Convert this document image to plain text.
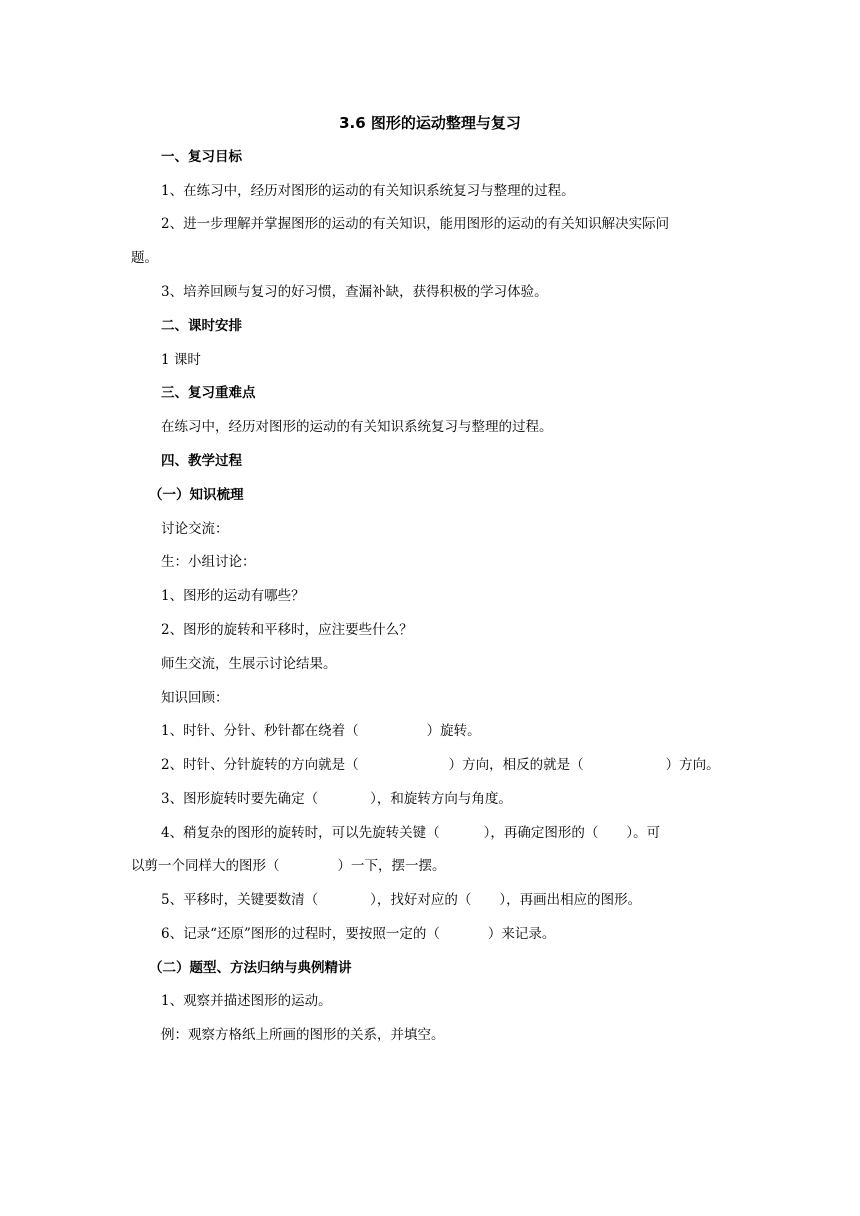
3.6 图形的运动整理与复习
一、复习目标
1、在练习中，经历对图形的运动的有关知识系统复习与整理的过程。
2、进一步理解并掌握图形的运动的有关知识，能用图形的运动的有关知识解决实际问
题。
3、培养回顾与复习的好习惯，查漏补缺，获得积极的学习体验。
二、课时安排
1 课时
三、复习重难点
在练习中，经历对图形的运动的有关知识系统复习与整理的过程。
四、教学过程
（一）知识梳理
讨论交流：
生：小组讨论：
1、图形的运动有哪些？
2、图形的旋转和平移时，应注要些什么？
师生交流，生展示讨论结果。
知识回顾：
1、时针、分针、秒针都在绕着（	）旋转。
2、时针、分针旋转的方向就是（	）方向，相反的就是（	）方向。
3、图形旋转时要先确定（	），和旋转方向与角度。
4、稍复杂的图形的旋转时，可以先旋转关键（	），再确定图形的（ ）。可
以剪一个同样大的图形（	）一下，摆一摆。
5、平移时，关键要数清（	），找好对应的（ ），再画出相应的图形。
6、记录“还原”图形的过程时，要按照一定的（	）来记录。
（二）题型、方法归纳与典例精讲
1、观察并描述图形的运动。
例：观察方格纸上所画的图形的关系，并填空。
